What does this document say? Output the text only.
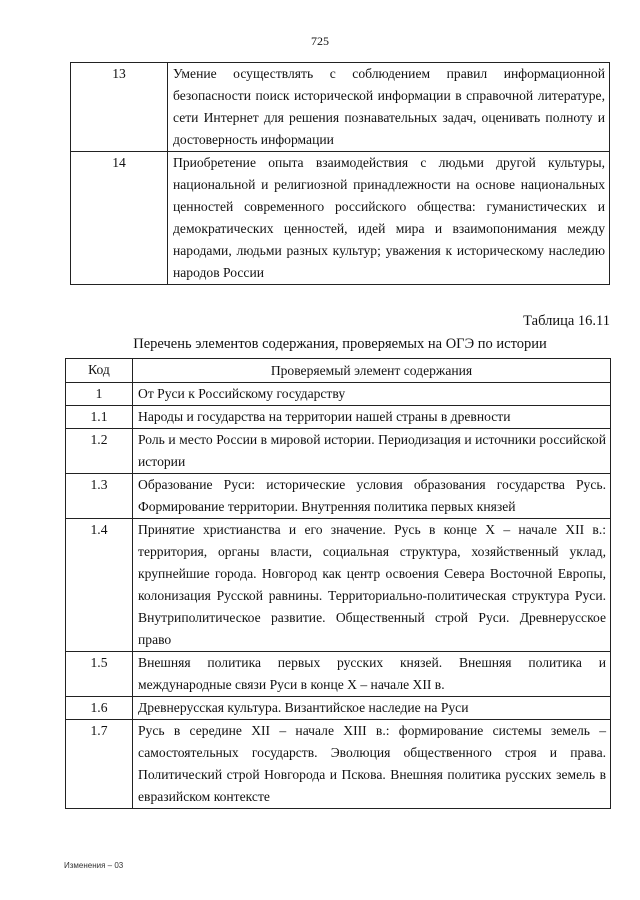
725
13	Умение осуществлять с соблюдением правил информационной безопасности поиск исторической информации в справочной литературе, сети Интернет для решения познавательных задач, оценивать полноту и достоверность информации
14	Приобретение опыта взаимодействия с людьми другой культуры, национальной и религиозной принадлежности на основе национальных ценностей современного российского общества: гуманистических и демократических ценностей, идей мира и взаимопонимания между народами, людьми разных культур; уважения к историческому наследию народов России
Таблица 16.11
Перечень элементов содержания, проверяемых на ОГЭ по истории
Код	Проверяемый элемент содержания
1	От Руси к Российскому государству
1.1	Народы и государства на территории нашей страны в древности
1.2	Роль и место России в мировой истории. Периодизация и источники российской истории
1.3	Образование Руси: исторические условия образования государства Русь. Формирование территории. Внутренняя политика первых князей
1.4	Принятие христианства и его значение. Русь в конце X – начале XII в.: территория, органы власти, социальная структура, хозяйственный уклад, крупнейшие города. Новгород как центр освоения Севера Восточной Европы, колонизация Русской равнины. Территориально-политическая структура Руси. Внутриполитическое развитие. Общественный строй Руси. Древнерусское право
1.5	Внешняя политика первых русских князей. Внешняя политика и международные связи Руси в конце X – начале XII в.
1.6	Древнерусская культура. Византийское наследие на Руси
1.7	Русь в середине XII – начале XIII в.: формирование системы земель – самостоятельных государств. Эволюция общественного строя и права. Политический строй Новгорода и Пскова. Внешняя политика русских земель в евразийском контексте
Изменения – 03
